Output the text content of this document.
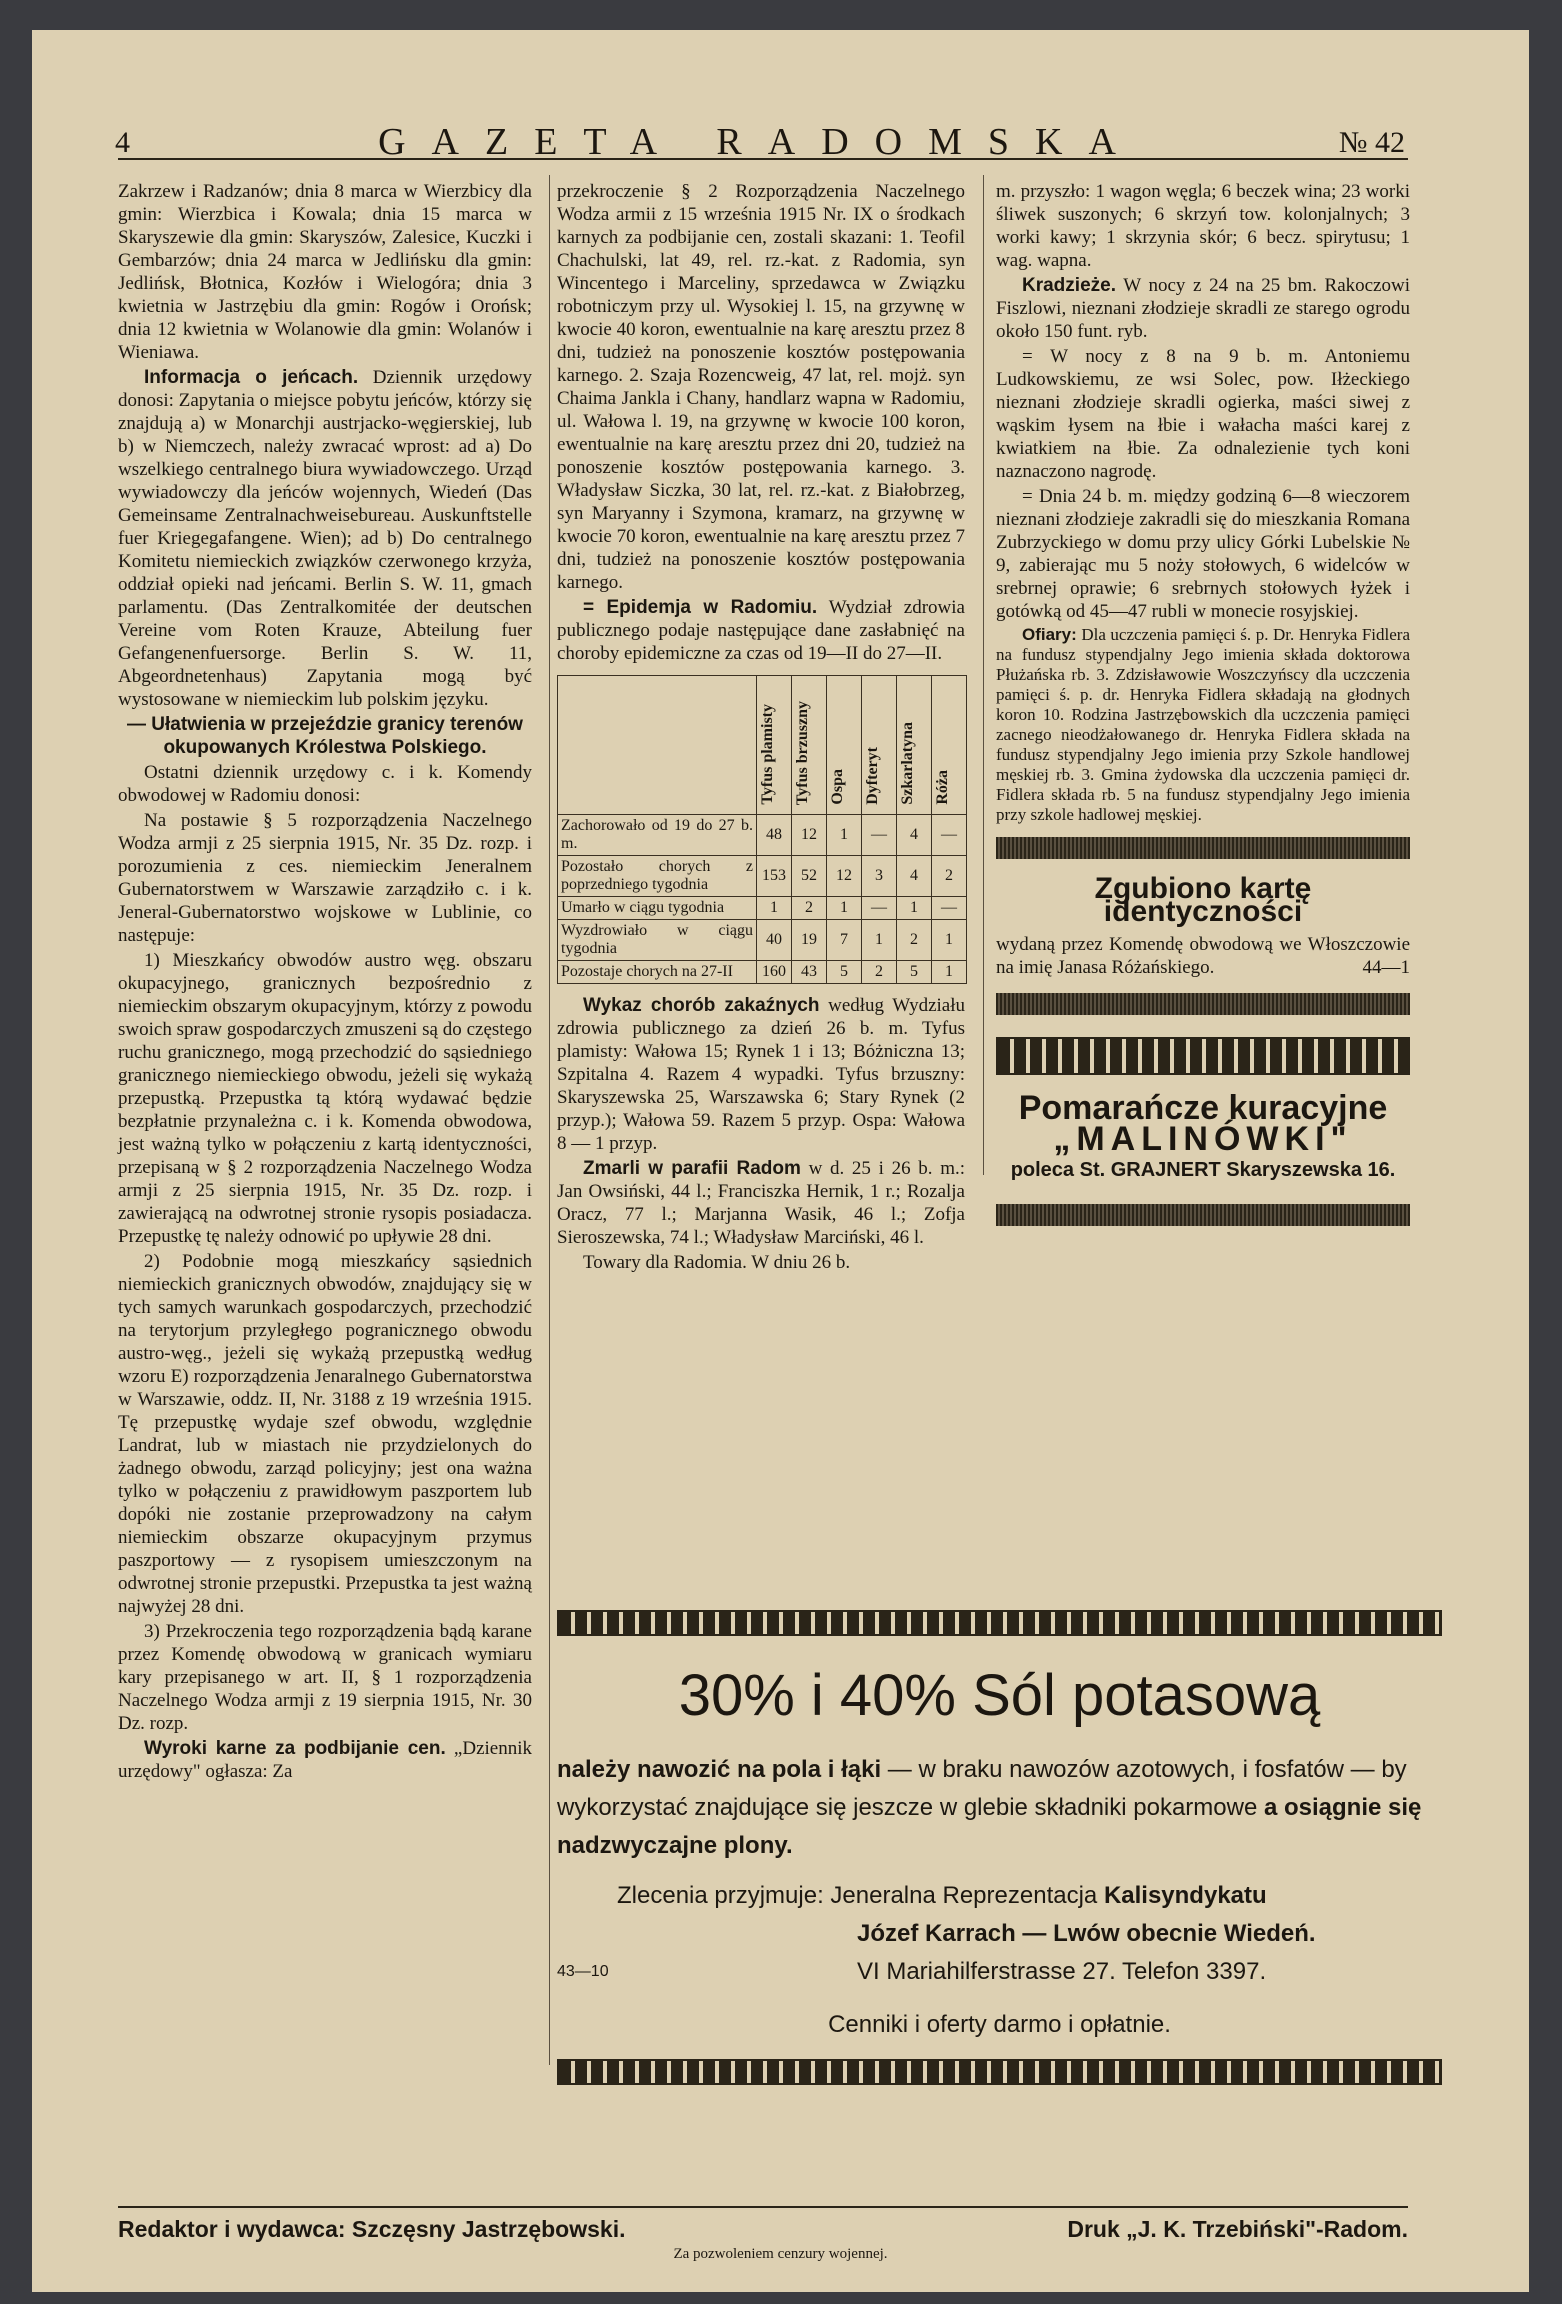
4	GAZETA RADOMSKA	№ 42

Zakrzew i Radzanów; dnia 8 marca w Wierzbicy dla gmin: Wierzbica i Kowala; dnia 15 marca w Skaryszewie dla gmin: Skaryszów, Zalesice, Kuczki i Gembarzów; dnia 24 marca w Jedlińsku dla gmin: Jedlińsk, Błotnica, Kozłów i Wielogóra; dnia 3 kwietnia w Jastrzębiu dla gmin: Rogów i Orońsk; dnia 12 kwietnia w Wolanowie dla gmin: Wolanów i Wieniawa.

Informacja o jeńcach. Dziennik urzędowy donosi: Zapytania o miejsce pobytu jeńców, którzy się znajdują a) w Monarchji austrjacko-węgierskiej, lub b) w Niemczech, należy zwracać wprost: ad a) Do wszelkiego centralnego biura wywiadowczego. Urząd wywiadowczy dla jeńców wojennych, Wiedeń (Das Gemeinsame Zentralnachweisebureau. Auskunftstelle fuer Kriegegafangene. Wien); ad b) Do centralnego Komitetu niemieckich związków czerwonego krzyża, oddział opieki nad jeńcami. Berlin S. W. 11, gmach parlamentu. (Das Zentralkomitée der deutschen Vereine vom Roten Krauze, Abteilung fuer Gefangenenfuersorge. Berlin S. W. 11, Abgeordnetenhaus) Zapytania mogą być wystosowane w niemieckim lub polskim języku.

— Ułatwienia w przejeździe granicy terenów okupowanych Królestwa Polskiego.

Ostatni dziennik urzędowy c. i k. Komendy obwodowej w Radomiu donosi:

Na postawie § 5 rozporządzenia Naczelnego Wodza armji z 25 sierpnia 1915, Nr. 35 Dz. rozp. i porozumienia z ces. niemieckim Jeneralnem Gubernatorstwem w Warszawie zarządziło c. i k. Jeneral-Gubernatorstwo wojskowe w Lublinie, co następuje:

1) Mieszkańcy obwodów austro węg. obszaru okupacyjnego, granicznych bezpośrednio z niemieckim obszarym okupacyjnym, którzy z powodu swoich spraw gospodarczych zmuszeni są do częstego ruchu granicznego, mogą przechodzić do sąsiedniego granicznego niemieckiego obwodu, jeżeli się wykażą przepustką. Przepustka tą którą wydawać będzie bezpłatnie przynależna c. i k. Komenda obwodowa, jest ważną tylko w połączeniu z kartą identyczności, przepisaną w § 2 rozporządzenia Naczelnego Wodza armji z 25 sierpnia 1915, Nr. 35 Dz. rozp. i zawierającą na odwrotnej stronie rysopis posiadacza. Przepustkę tę należy odnowić po upływie 28 dni.

2) Podobnie mogą mieszkańcy sąsiednich niemieckich granicznych obwodów, znajdujący się w tych samych warunkach gospodarczych, przechodzić na terytorjum przyległego pogranicznego obwodu austro-węg., jeżeli się wykażą przepustką według wzoru E) rozporządzenia Jenaralnego Gubernatorstwa w Warszawie, oddz. II, Nr. 3188 z 19 września 1915. Tę przepustkę wydaje szef obwodu, względnie Landrat, lub w miastach nie przydzielonych do żadnego obwodu, zarząd policyjny; jest ona ważna tylko w połączeniu z prawidłowym paszportem lub dopóki nie zostanie przeprowadzony na całym niemieckim obszarze okupacyjnym przymus paszportowy — z rysopisem umieszczonym na odwrotnej stronie przepustki. Przepustka ta jest ważną najwyżej 28 dni.

3) Przekroczenia tego rozporządzenia bądą karane przez Komendę obwodową w granicach wymiaru kary przepisanego w art. II, § 1 rozporządzenia Naczelnego Wodza armji z 19 sierpnia 1915, Nr. 30 Dz. rozp.

Wyroki karne za podbijanie cen. „Dziennik urzędowy" ogłasza: Za

przekroczenie § 2 Rozporządzenia Naczelnego Wodza armii z 15 września 1915 Nr. IX o środkach karnych za podbijanie cen, zostali skazani: 1. Teofil Chachulski, lat 49, rel. rz.-kat. z Radomia, syn Wincentego i Marceliny, sprzedawca w Związku robotniczym przy ul. Wysokiej l. 15, na grzywnę w kwocie 40 koron, ewentualnie na karę aresztu przez 8 dni, tudzież na ponoszenie kosztów postępowania karnego. 2. Szaja Rozencweig, 47 lat, rel. mojż. syn Chaima Jankla i Chany, handlarz wapna w Radomiu, ul. Wałowa l. 19, na grzywnę w kwocie 100 koron, ewentualnie na karę aresztu przez dni 20, tudzież na ponoszenie kosztów postępowania karnego. 3. Władysław Siczka, 30 lat, rel. rz.-kat. z Białobrzeg, syn Maryanny i Szymona, kramarz, na grzywnę w kwocie 70 koron, ewentualnie na karę aresztu przez 7 dni, tudzież na ponoszenie kosztów postępowania karnego.

= Epidemja w Radomiu. Wydział zdrowia publicznego podaje następujące dane zasłabnięć na choroby epidemiczne za czas od 19—II do 27—II.

	Tyfus plamisty	Tyfus brzuszny	Ospa	Dyfteryt	Szkarlatyna	Róża
Zachorowało od 19 do 27 b. m.	48	12	1	—	4	—
Pozostało chorych z poprzedniego tygodnia	153	52	12	3	4	2
Umarło w ciągu tygodnia	1	2	1	—	1	—
Wyzdrowiało w ciągu tygodnia	40	19	7	1	2	1
Pozostaje chorych na 27-II	160	43	5	2	5	1

Wykaz chorób zakaźnych według Wydziału zdrowia publicznego za dzień 26 b. m. Tyfus plamisty: Wałowa 15; Rynek 1 i 13; Bóżniczna 13; Szpitalna 4. Razem 4 wypadki. Tyfus brzuszny: Skaryszewska 25, Warszawska 6; Stary Rynek (2 przyp.); Wałowa 59. Razem 5 przyp. Ospa: Wałowa 8 — 1 przyp.

Zmarli w parafii Radom w d. 25 i 26 b. m.: Jan Owsiński, 44 l.; Franciszka Hernik, 1 r.; Rozalja Oracz, 77 l.; Marjanna Wasik, 46 l.; Zofja Sieroszewska, 74 l.; Władysław Marciński, 46 l.

Towary dla Radomia. W dniu 26 b.

m. przyszło: 1 wagon węgla; 6 beczek wina; 23 worki śliwek suszonych; 6 skrzyń tow. kolonjalnych; 3 worki kawy; 1 skrzynia skór; 6 becz. spirytusu; 1 wag. wapna.

Kradzieże. W nocy z 24 na 25 bm. Rakoczowi Fiszlowi, nieznani złodzieje skradli ze starego ogrodu około 150 funt. ryb.

= W nocy z 8 na 9 b. m. Antoniemu Ludkowskiemu, ze wsi Solec, pow. Iłżeckiego nieznani złodzieje skradli ogierka, maści siwej z wąskim łysem na łbie i wałacha maści karej z kwiatkiem na łbie. Za odnalezienie tych koni naznaczono nagrodę.

= Dnia 24 b. m. między godziną 6—8 wieczorem nieznani złodzieje zakradli się do mieszkania Romana Zubrzyckiego w domu przy ulicy Górki Lubelskie № 9, zabierając mu 5 noży stołowych, 6 widelców w srebrnej oprawie; 6 srebrnych stołowych łyżek i gotówką od 45—47 rubli w monecie rosyjskiej.

Ofiary: Dla uczczenia pamięci ś. p. Dr. Henryka Fidlera na fundusz stypendjalny Jego imienia składa doktorowa Płużańska rb. 3. Zdzisławowie Woszczyńscy dla uczczenia pamięci ś. p. dr. Henryka Fidlera składają na głodnych koron 10. Rodzina Jastrzębowskich dla uczczenia pamięci zacnego nieodżałowanego dr. Henryka Fidlera składa na fundusz stypendjalny Jego imienia przy Szkole handlowej męskiej rb. 3. Gmina żydowska dla uczczenia pamięci dr. Fidlera składa rb. 5 na fundusz stypendjalny Jego imienia przy szkole hadlowej męskiej.

Zgubiono kartę identyczności

wydaną przez Komendę obwodową we Włoszczowie na imię Janasa Różańskiego.	44—1

Pomarańcze kuracyjne
„MALINÓWKI"
poleca St. GRAJNERT Skaryszewska 16.
30% i 40% Sól potasową
należy nawozić na pola i łąki — w braku nawozów azotowych, i fosfatów — by wykorzystać znajdujące się jeszcze w glebie składniki pokarmowe a osiągnie się nadzwyczajne plony.
Zlecenia przyjmuje: Jeneralna Reprezentacja Kalisyndykatu
Józef Karrach — Lwów obecnie Wiedeń.
43—10	VI Mariahilferstrasse 27. Telefon 3397.
Cenniki i oferty darmo i opłatnie.
Redaktor i wydawca: Szczęsny Jastrzębowski.	Druk „J. K. Trzebiński"-Radom.
Za pozwoleniem cenzury wojennej.
